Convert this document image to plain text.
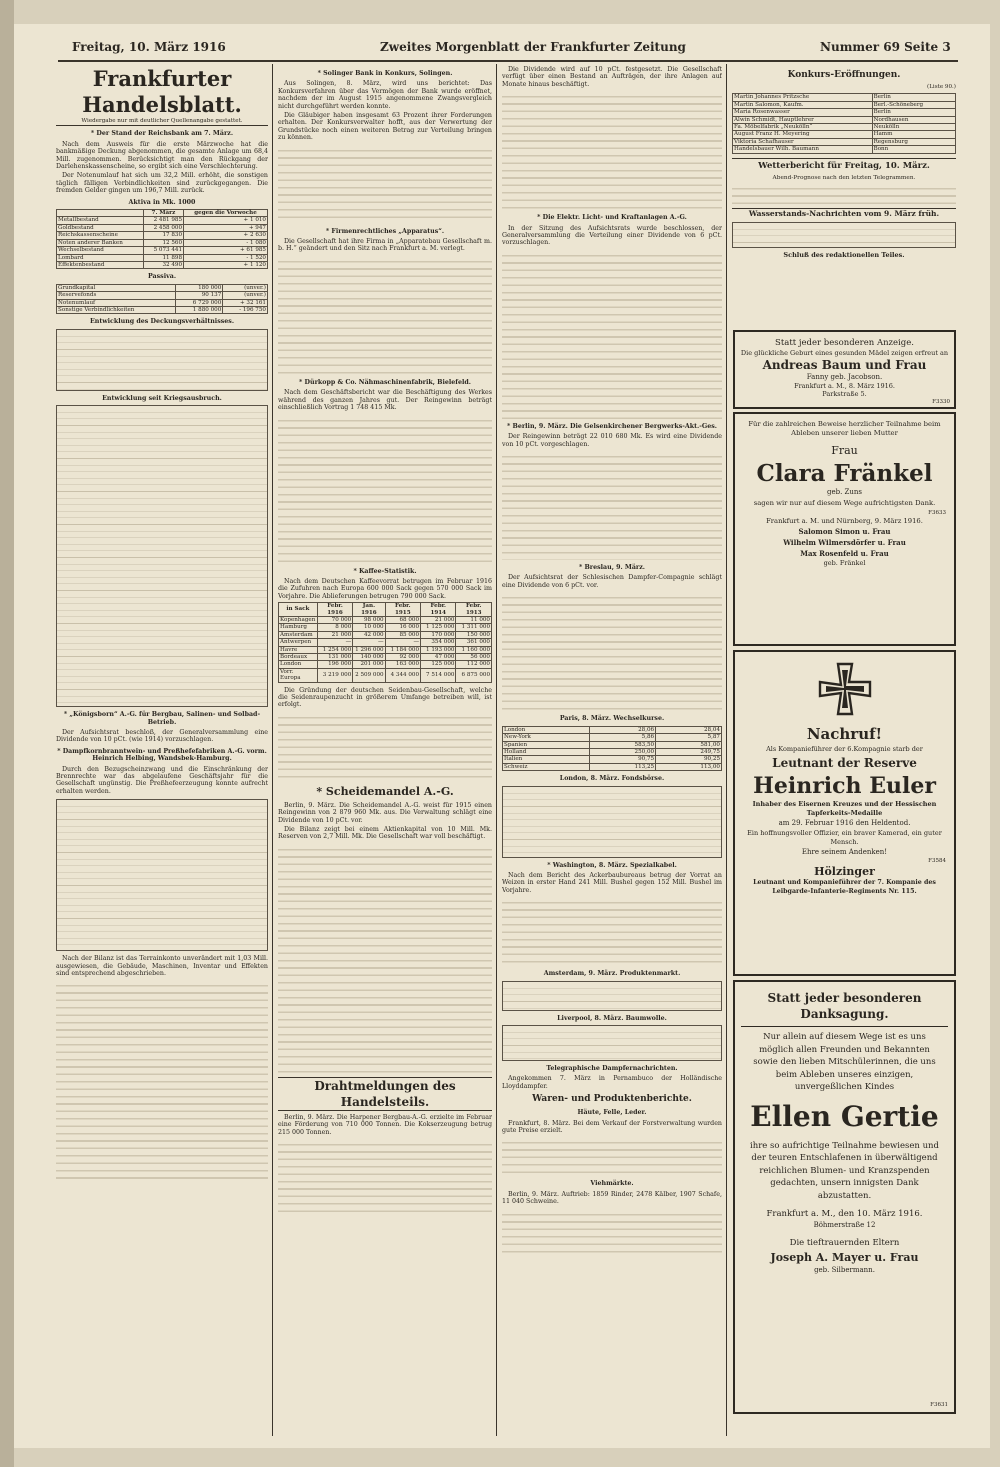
Freitag, 10. März 1916	Zweites Morgenblatt der Frankfurter Zeitung	Nummer 69 Seite 3
Frankfurter Handelsblatt.
Wiedergabe nur mit deutlicher Quellenangabe gestattet.
* Der Stand der Reichsbank am 7. März.

Nach dem Ausweis für die erste Märzwoche hat die bankmäßige Deckung abgenommen, die gesamte Anlage um 68,4 Mill. zugenommen. Berücksichtigt man den Rückgang der Darlehenskassenscheine, so ergibt sich eine Verschlechterung.

Der Notenumlauf hat sich um 32,2 Mill. erhöht, die sonstigen täglich fälligen Verbindlichkeiten sind zurückgegangen. Die fremden Gelder gingen um 196,7 Mill. zurück.

Aktiva in Mk. 1000
	7. März	gegen die Vorwoche
Metallbestand	2 481 985	+ 1 010
Goldbestand	2 458 000	+ 947
Reichskassenscheine	17 830	+ 2 630
Noten anderer Banken	12 560	- 1 080
Wechselbestand	5 073 441	+ 61 985
Lombard	11 898	- 1 520
Effektenbestand	32 490	+ 1 120
Passiva.
Grundkapital	180 000	(unver.)
Reservefonds	90 137	(unver.)
Notenumlauf	6 729 000	+ 32 161
Sonstige Verbindlichkeiten	1 880 000	- 196 750
Entwicklung des Deckungsverhältnisses.
Entwicklung seit Kriegsausbruch.
* „Königsborn“ A.-G. für Bergbau, Salinen- und Solbad-Betrieb.

Der Aufsichtsrat beschloß, der Generalversammlung eine Dividende von 10 pCt. (wie 1914) vorzuschlagen.

* Dampfkornbranntwein- und Preßhefefabriken A.-G. vorm. Heinrich Helbing, Wandsbek-Hamburg.

Durch den Bezugscheinzwang und die Einschränkung der Brennrechte war das abgelaufene Geschäftsjahr für die Gesellschaft ungünstig. Die Preßhefeerzeugung konnte aufrecht erhalten werden.

Nach der Bilanz ist das Terrainkonto unverändert mit 1,03 Mill. ausgewiesen, die Gebäude, Maschinen, Inventar und Effekten sind entsprechend abgeschrieben.

* Solinger Bank in Konkurs, Solingen.

Aus Solingen, 8. März, wird uns berichtet: Das Konkursverfahren über das Vermögen der Bank wurde eröffnet, nachdem der im August 1915 angenommene Zwangsvergleich nicht durchgeführt werden konnte.

Die Gläubiger haben insgesamt 63 Prozent ihrer Forderungen erhalten. Der Konkursverwalter hofft, aus der Verwertung der Grundstücke noch einen weiteren Betrag zur Verteilung bringen zu können.

* Firmenrechtliches „Apparatus“.

Die Gesellschaft hat ihre Firma in „Apparatebau Gesellschaft m. b. H.“ geändert und den Sitz nach Frankfurt a. M. verlegt.

* Dürkopp & Co. Nähmaschinenfabrik, Bielefeld.

Nach dem Geschäftsbericht war die Beschäftigung des Werkes während des ganzen Jahres gut. Der Reingewinn beträgt einschließlich Vortrag 1 748 415 Mk.

* Kaffee-Statistik.

Nach dem Deutschen Kaffeevorrat betrugen im Februar 1916 die Zufuhren nach Europa 600 000 Sack gegen 570 000 Sack im Vorjahre. Die Ablieferungen betrugen 790 000 Sack.

in Sack	Febr. 1916	Jan. 1916	Febr. 1915	Febr. 1914	Febr. 1913
Kopenhagen	70 000	98 000	68 000	21 000	11 000
Hamburg	8 000	10 000	16 000	1 125 000	1 311 000
Amsterdam	21 000	42 000	85 000	170 000	150 000
Antwerpen	—	—	—	354 000	361 000
Havre	1 254 000	1 296 000	1 184 000	1 193 000	1 160 000
Bordeaux	131 000	140 000	92 000	47 000	56 000
London	196 000	201 000	163 000	125 000	112 000
Vorr. Europa	3 219 000	2 509 000	4 344 000	7 514 000	6 875 000

Die Gründung der deutschen Seidenbau-Gesellschaft, welche die Seidenraupenzucht in größerem Umfange betreiben will, ist erfolgt.

* Scheidemandel A.-G.

Berlin, 9. März. Die Scheidemandel A.-G. weist für 1915 einen Reingewinn von 2 879 960 Mk. aus. Die Verwaltung schlägt eine Dividende von 10 pCt. vor.

Die Bilanz zeigt bei einem Aktienkapital von 10 Mill. Mk. Reserven von 2,7 Mill. Mk. Die Gesellschaft war voll beschäftigt.

Drahtmeldungen des Handelsteils.

Berlin, 9. März. Die Harpener Bergbau-A.-G. erzielte im Februar eine Förderung von 710 000 Tonnen. Die Kokserzeugung betrug 215 000 Tonnen.

Die Dividende wird auf 10 pCt. festgesetzt. Die Gesellschaft verfügt über einen Bestand an Aufträgen, der ihre Anlagen auf Monate hinaus beschäftigt.

* Die Elektr. Licht- und Kraftanlagen A.-G.

In der Sitzung des Aufsichtsrats wurde beschlossen, der Generalversammlung die Verteilung einer Dividende von 6 pCt. vorzuschlagen.

* Berlin, 9. März. Die Gelsenkirchener Bergwerks-Akt.-Ges.

Der Reingewinn beträgt 22 010 680 Mk. Es wird eine Dividende von 10 pCt. vorgeschlagen.

* Breslau, 9. März.

Der Aufsichtsrat der Schlesischen Dampfer-Compagnie schlägt eine Dividende von 6 pCt. vor.

Paris, 8. März. Wechselkurse.
London	28,06	28,04
New-York	5,86	5,87
Spanien	583,50	581,00
Holland	250,00	249,75
Italien	90,75	90,25
Schweiz	113,25	113,00
London, 8. März. Fondsbörse.
* Washington, 8. März. Spezialkabel.

Nach dem Bericht des Ackerbaubureaus betrug der Vorrat an Weizen in erster Hand 241 Mill. Bushel gegen 152 Mill. Bushel im Vorjahre.

Amsterdam, 9. März. Produktenmarkt.
Liverpool, 8. März. Baumwolle.
Telegraphische Dampfernachrichten.

Angekommen 7. März in Pernambuco der Holländische Lloyddampfer.

Waren- und Produktenberichte.
Häute, Felle, Leder.

Frankfurt, 8. März. Bei dem Verkauf der Forstverwaltung wurden gute Preise erzielt.

Viehmärkte.

Berlin, 9. März. Auftrieb: 1859 Rinder, 2478 Kälber, 1907 Schafe, 11 040 Schweine.

Konkurs-Eröffnungen.
(Liste 90.)
Martin Johannes Pritzsche	Berlin
Martin Salomon, Kaufm.	Berl.-Schöneberg
Maria Rosenwasser	Berlin
Alwin Schmidt, Hauptlehrer	Nordhausen
Fa. Möbelfabrik „Neukölln“	Neukölln
August Franz H. Meyering	Hamm
Viktoria Schafhauser	Regensburg
Handelsbauer Wilh. Baumann	Bonn
Wetterbericht für Freitag, 10. März.
Abend-Prognose nach den letzten Telegrammen.
Wasserstands-Nachrichten vom 9. März früh.
Schluß des redaktionellen Teiles.
Statt jeder besonderen Anzeige.
Die glückliche Geburt eines gesunden Mädel zeigen erfreut an
Andreas Baum und Frau
Fanny geb. Jacobson.
Frankfurt a. M., 8. März 1916.
Parkstraße 5.
F3330
Für die zahlreichen Beweise herzlicher Teilnahme beim Ableben unserer lieben Mutter
Frau
Clara Fränkel
geb. Zuns
sagen wir nur auf diesem Wege aufrichtigsten Dank.
F3633
Frankfurt a. M. und Nürnberg, 9. März 1916.
Salomon Simon u. Frau
Wilhelm Wilmersdörfer u. Frau
Max Rosenfeld u. Frau
geb. Fränkel
Nachruf!
Als Kompanieführer der 6.Kompagnie starb der
Leutnant der Reserve
Heinrich Euler
Inhaber des Eisernen Kreuzes und der Hessischen Tapferkeits-Medaille
am 29. Februar 1916 den Heldentod.
Ein hoffnungsvoller Offizier, ein braver Kamerad, ein guter Mensch.
Ehre seinem Andenken!
F3584
Hölzinger
Leutnant und Kompanieführer der 7. Kompanie des Leibgarde-Infanterie-Regiments Nr. 115.
Statt jeder besonderen Danksagung.
Nur allein auf diesem Wege ist es uns möglich allen Freunden und Bekannten sowie den lieben Mitschülerinnen, die uns beim Ableben unseres einzigen, unvergeßlichen Kindes
Ellen Gertie
ihre so aufrichtige Teilnahme bewiesen und der teuren Entschlafenen in überwältigend reichlichen Blumen- und Kranzspenden gedachten, unsern innigsten Dank abzustatten.
Frankfurt a. M., den 10. März 1916.
Böhmerstraße 12
Die tieftrauernden Eltern
Joseph A. Mayer u. Frau
geb. Silbermann.
F3631
